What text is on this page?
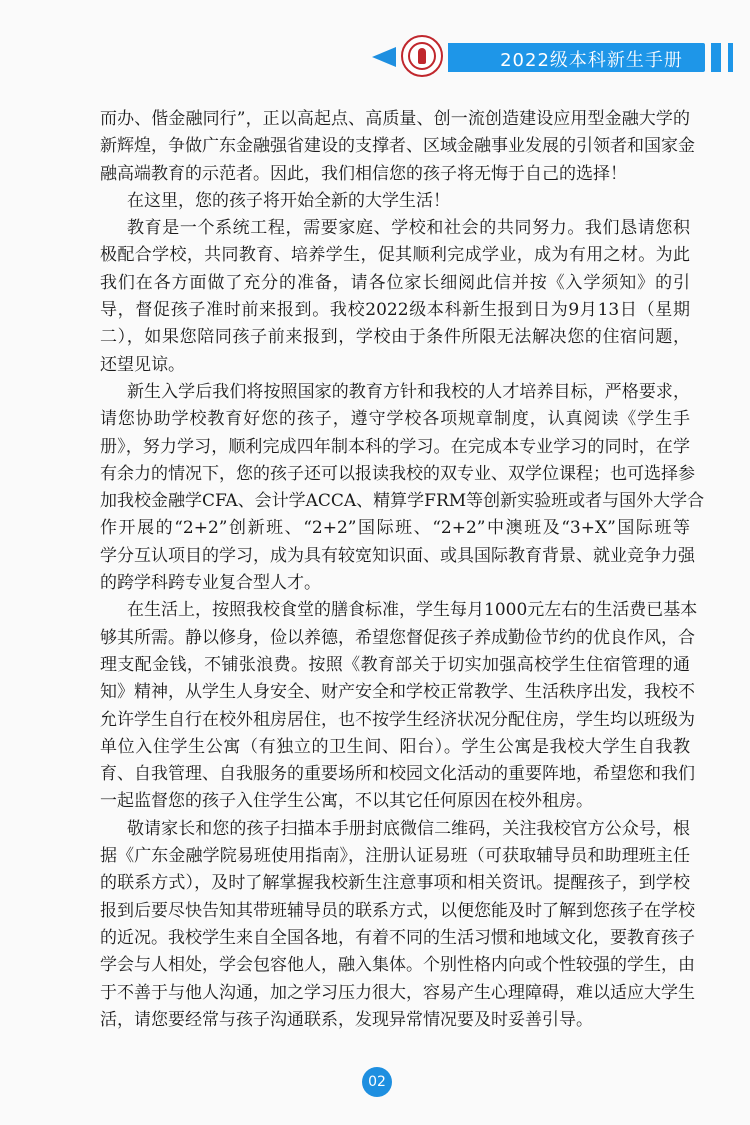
2022级本科新生手册
而办、偕金融同行”，正以高起点、高质量、创一流创造建设应用型金融大学的
新辉煌，争做广东金融强省建设的支撑者、区域金融事业发展的引领者和国家金
融高端教育的示范者。因此，我们相信您的孩子将无悔于自己的选择！
在这里，您的孩子将开始全新的大学生活！
教育是一个系统工程，需要家庭、学校和社会的共同努力。我们恳请您积
极配合学校，共同教育、培养学生，促其顺利完成学业，成为有用之材。为此
我们在各方面做了充分的准备，请各位家长细阅此信并按《入学须知》的引
导，督促孩子准时前来报到。我校2022级本科新生报到日为9月13日（星期
二），如果您陪同孩子前来报到，学校由于条件所限无法解决您的住宿问题，
还望见谅。
新生入学后我们将按照国家的教育方针和我校的人才培养目标，严格要求，
请您协助学校教育好您的孩子，遵守学校各项规章制度，认真阅读《学生手
册》，努力学习，顺利完成四年制本科的学习。在完成本专业学习的同时，在学
有余力的情况下，您的孩子还可以报读我校的双专业、双学位课程；也可选择参
加我校金融学CFA、会计学ACCA、精算学FRM等创新实验班或者与国外大学合
作开展的“2+2”创新班、“2+2”国际班、“2+2”中澳班及“3+X”国际班等
学分互认项目的学习，成为具有较宽知识面、或具国际教育背景、就业竞争力强
的跨学科跨专业复合型人才。
在生活上，按照我校食堂的膳食标准，学生每月1000元左右的生活费已基本
够其所需。静以修身，俭以养德，希望您督促孩子养成勤俭节约的优良作风，合
理支配金钱，不铺张浪费。按照《教育部关于切实加强高校学生住宿管理的通
知》精神，从学生人身安全、财产安全和学校正常教学、生活秩序出发，我校不
允许学生自行在校外租房居住，也不按学生经济状况分配住房，学生均以班级为
单位入住学生公寓（有独立的卫生间、阳台）。学生公寓是我校大学生自我教
育、自我管理、自我服务的重要场所和校园文化活动的重要阵地，希望您和我们
一起监督您的孩子入住学生公寓，不以其它任何原因在校外租房。
敬请家长和您的孩子扫描本手册封底微信二维码，关注我校官方公众号，根
据《广东金融学院易班使用指南》，注册认证易班（可获取辅导员和助理班主任
的联系方式），及时了解掌握我校新生注意事项和相关资讯。提醒孩子，到学校
报到后要尽快告知其带班辅导员的联系方式，以便您能及时了解到您孩子在学校
的近况。我校学生来自全国各地，有着不同的生活习惯和地域文化，要教育孩子
学会与人相处，学会包容他人，融入集体。个别性格内向或个性较强的学生，由
于不善于与他人沟通，加之学习压力很大，容易产生心理障碍，难以适应大学生
活，请您要经常与孩子沟通联系，发现异常情况要及时妥善引导。
02
